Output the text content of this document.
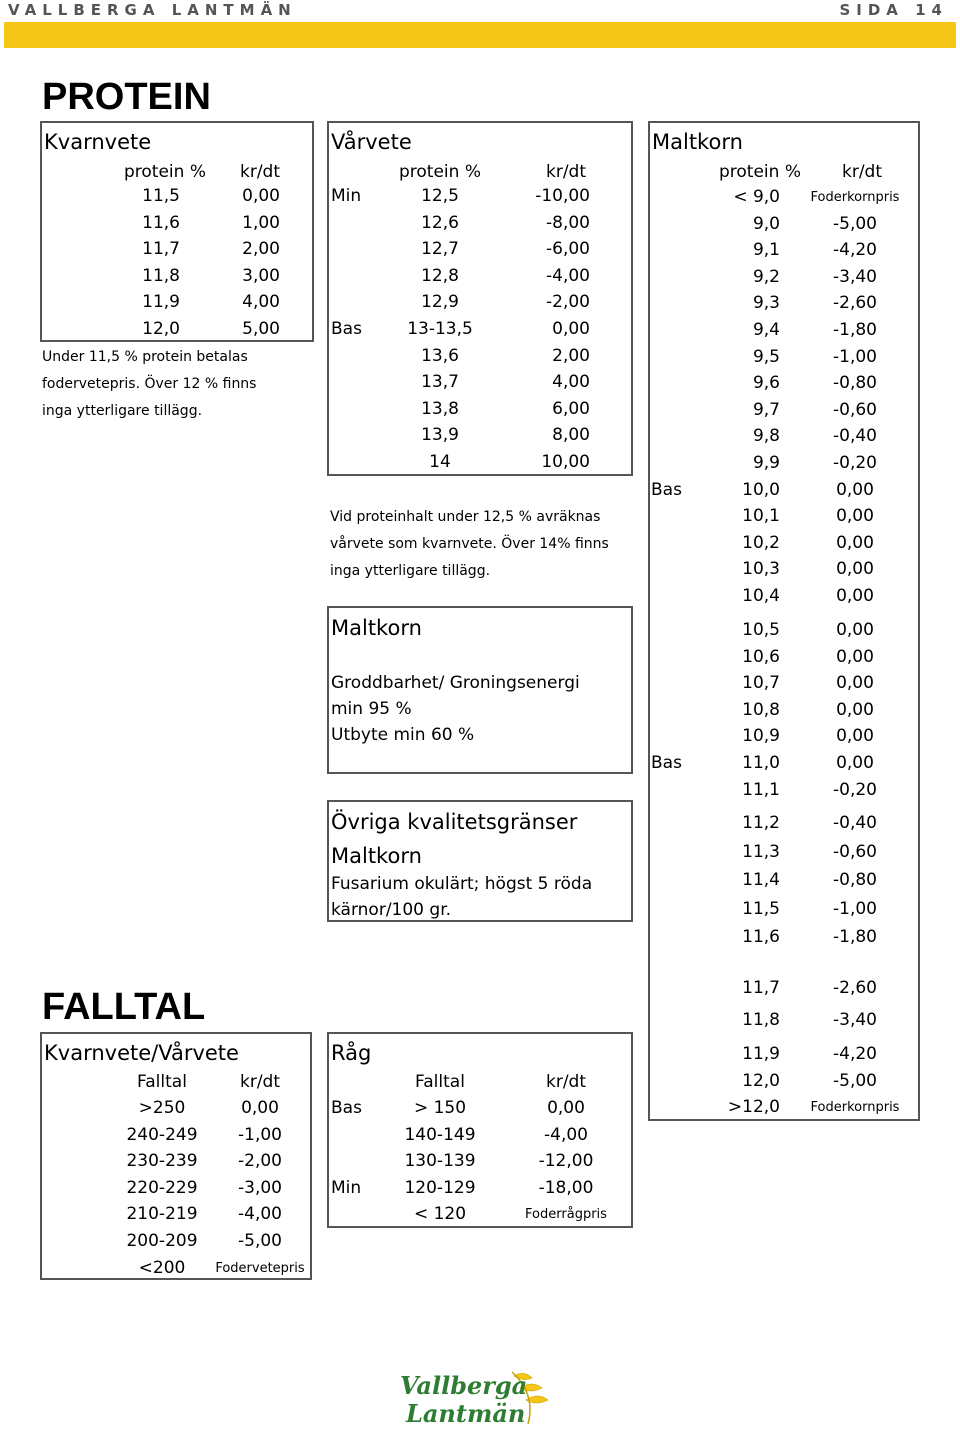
VALLBERGA LANTMÄN	SIDA 14
PROTEIN
Kvarnvete
protein %	kr/dt
11,5	0,00
11,6	1,00
11,7	2,00
11,8	3,00
11,9	4,00
12,0	5,00
Under 11,5 % protein betalas
fodervetepris. Över 12 % finns
inga ytterligare tillägg.
Vårvete
protein %	kr/dt
Min	12,5	-10,00
12,6	-8,00
12,7	-6,00
12,8	-4,00
12,9	-2,00
Bas	13-13,5	0,00
13,6	2,00
13,7	4,00
13,8	6,00
13,9	8,00
14	10,00
Vid proteinhalt under 12,5 % avräknas
vårvete som kvarnvete. Över 14% finns
inga ytterligare tillägg.
Maltkorn
protein %	kr/dt
< 9,0	Foderkornpris
9,0	-5,00
9,1	-4,20
9,2	-3,40
9,3	-2,60
9,4	-1,80
9,5	-1,00
9,6	-0,80
9,7	-0,60
9,8	-0,40
9,9	-0,20
Bas	10,0	0,00
10,1	0,00
10,2	0,00
10,3	0,00
10,4	0,00
10,5	0,00
10,6	0,00
10,7	0,00
10,8	0,00
10,9	0,00
Bas	11,0	0,00
11,1	-0,20
11,2	-0,40
11,3	-0,60
11,4	-0,80
11,5	-1,00
11,6	-1,80
11,7	-2,60
11,8	-3,40
11,9	-4,20
12,0	-5,00
>12,0	Foderkornpris
Maltkorn
Groddbarhet/ Groningsenergi
min 95 %
Utbyte min 60 %
Övriga kvalitetsgränser
Maltkorn
Fusarium okulärt; högst 5 röda
kärnor/100 gr.
FALLTAL
Kvarnvete/Vårvete
Falltal	kr/dt
>250	0,00
240-249	-1,00
230-239	-2,00
220-229	-3,00
210-219	-4,00
200-209	-5,00
<200	Fodervetepris
Råg
Falltal	kr/dt
Bas	> 150	0,00
140-149	-4,00
130-139	-12,00
Min	120-129	-18,00
< 120	Foderrågpris
Vallberga
Lantmän
